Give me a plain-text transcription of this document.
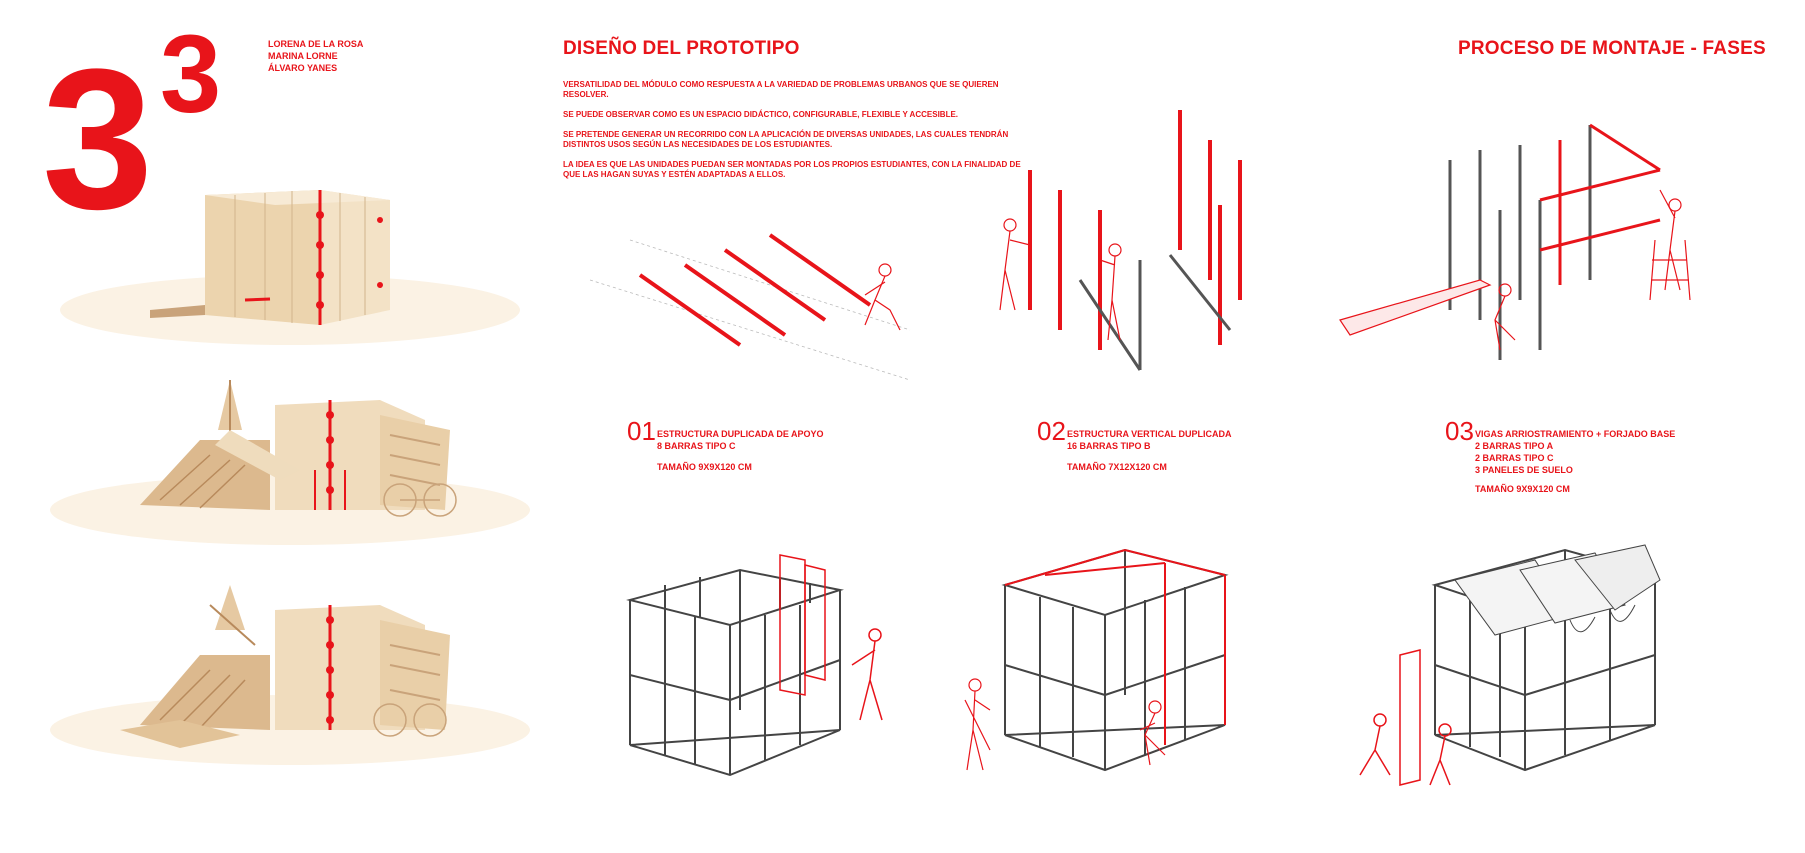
3 3	LORENA DE LA ROSA
MARINA LORNE
ÁLVARO YANES
DISEÑO DEL PROTOTIPO	PROCESO DE MONTAJE - FASES

VERSATILIDAD DEL MÓDULO COMO RESPUESTA A LA VARIEDAD DE PROBLEMAS URBANOS QUE SE QUIEREN RESOLVER.

SE PUEDE OBSERVAR COMO ES UN ESPACIO DIDÁCTICO, CONFIGURABLE, FLEXIBLE Y ACCESIBLE.

SE PRETENDE GENERAR UN RECORRIDO CON LA APLICACIÓN DE DIVERSAS UNIDADES, LAS CUALES TENDRÁN DISTINTOS USOS SEGÚN LAS NECESIDADES DE LOS ESTUDIANTES.

LA IDEA ES QUE LAS UNIDADES PUEDAN SER MONTADAS POR LOS PROPIOS ESTUDIANTES, CON LA FINALIDAD DE QUE LAS HAGAN SUYAS Y ESTÉN ADAPTADAS A ELLOS.

01 ESTRUCTURA DUPLICADA DE APOYO
8 BARRAS TIPO C
TAMAÑO 9X9X120 CM
02 ESTRUCTURA VERTICAL DUPLICADA
16 BARRAS TIPO B
TAMAÑO 7X12X120 CM
03 VIGAS ARRIOSTRAMIENTO + FORJADO BASE
2 BARRAS TIPO A
2 BARRAS TIPO C
3 PANELES DE SUELO
TAMAÑO 9X9X120 CM
